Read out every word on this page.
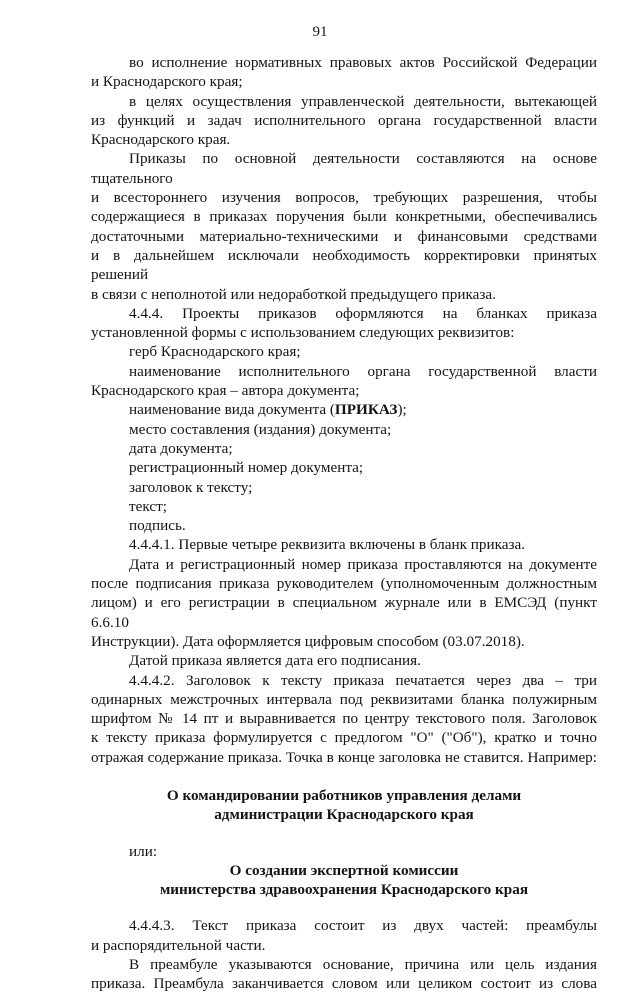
91

во исполнение нормативных правовых актов Российской Федерации

и Краснодарского края;

в целях осуществления управленческой деятельности, вытекающей

из функций и задач исполнительного органа государственной власти

Краснодарского края.

Приказы по основной деятельности составляются на основе тщательного

и всестороннего изучения вопросов, требующих разрешения, чтобы

содержащиеся в приказах поручения были конкретными, обеспечивались

достаточными материально-техническими и финансовыми средствами

и в дальнейшем исключали необходимость корректировки принятых решений

в связи с неполнотой или недоработкой предыдущего приказа.

4.4.4. Проекты приказов оформляются на бланках приказа

установленной формы с использованием следующих реквизитов:

герб Краснодарского края;

наименование исполнительного органа государственной власти

Краснодарского края – автора документа;

наименование вида документа (ПРИКАЗ);

место составления (издания) документа;

дата документа;

регистрационный номер документа;

заголовок к тексту;

текст;

подпись.

4.4.4.1. Первые четыре реквизита включены в бланк приказа.

Дата и регистрационный номер приказа проставляются на документе

после подписания приказа руководителем (уполномоченным должностным

лицом) и его регистрации в специальном журнале или в ЕМСЭД (пункт 6.6.10

Инструкции). Дата оформляется цифровым способом (03.07.2018).

Датой приказа является дата его подписания.

4.4.4.2. Заголовок к тексту приказа печатается через два – три

одинарных межстрочных интервала под реквизитами бланка полужирным

шрифтом № 14 пт и выравнивается по центру текстового поля. Заголовок

к тексту приказа формулируется с предлогом "О" ("Об"), кратко и точно

отражая содержание приказа. Точка в конце заголовка не ставится. Например:

О командировании работников управления делами

администрации Краснодарского края

или:

О создании экспертной комиссии

министерства здравоохранения Краснодарского края

4.4.4.3. Текст приказа состоит из двух частей: преамбулы

и распорядительной части.

В преамбуле указываются основание, причина или цель издания

приказа. Преамбула заканчивается словом или целиком состоит из слова
